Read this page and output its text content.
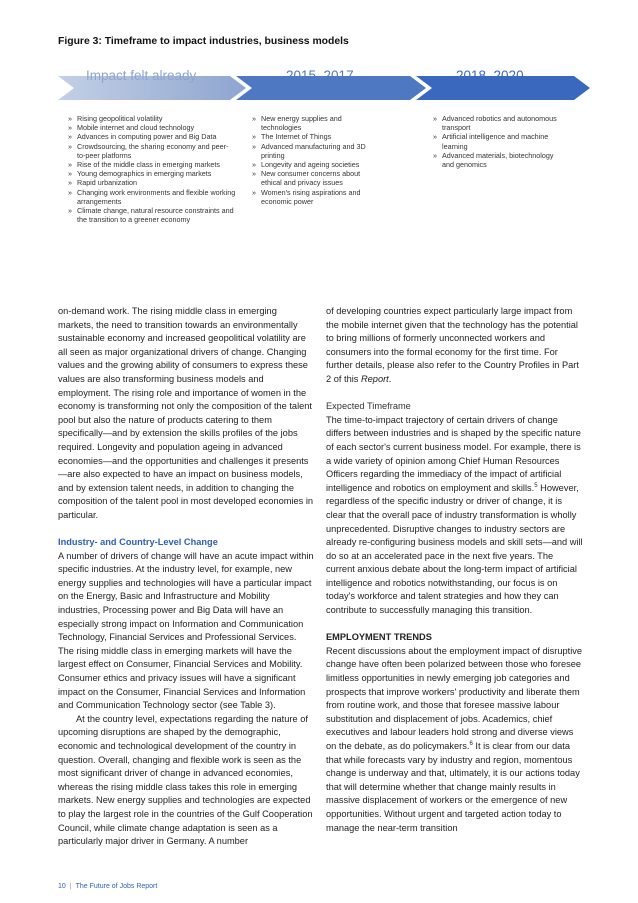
Figure 3: Timeframe to impact industries, business models

Impact felt already	2015–2017	2018–2020
» Rising geopolitical volatility
» Mobile internet and cloud technology
» Advances in computing power and Big Data
» Crowdsourcing, the sharing economy and peer-to-peer platforms
» Rise of the middle class in emerging markets
» Young demographics in emerging markets
» Rapid urbanization
» Changing work environments and flexible working arrangements
» Climate change, natural resource constraints and the transition to a greener economy
» New energy supplies and technologies
» The Internet of Things
» Advanced manufacturing and 3D printing
» Longevity and ageing societies
» New consumer concerns about ethical and privacy issues
» Women's rising aspirations and economic power
» Advanced robotics and autonomous transport
» Artificial intelligence and machine learning
» Advanced materials, biotechnology and genomics

on-demand work. The rising middle class in emerging markets, the need to transition towards an environmentally sustainable economy and increased geopolitical volatility are all seen as major organizational drivers of change. Changing values and the growing ability of consumers to express these values are also transforming business models and employment. The rising role and importance of women in the economy is transforming not only the composition of the talent pool but also the nature of products catering to them specifically—and by extension the skills profiles of the jobs required. Longevity and population ageing in advanced economies—and the opportunities and challenges it presents—are also expected to have an impact on business models, and by extension talent needs, in addition to changing the composition of the talent pool in most developed economies in particular.

Industry- and Country-Level Change

A number of drivers of change will have an acute impact within specific industries. At the industry level, for example, new energy supplies and technologies will have a particular impact on the Energy, Basic and Infrastructure and Mobility industries, Processing power and Big Data will have an especially strong impact on Information and Communication Technology, Financial Services and Professional Services. The rising middle class in emerging markets will have the largest effect on Consumer, Financial Services and Mobility. Consumer ethics and privacy issues will have a significant impact on the Consumer, Financial Services and Information and Communication Technology sector (see Table 3).

At the country level, expectations regarding the nature of upcoming disruptions are shaped by the demographic, economic and technological development of the country in question. Overall, changing and flexible work is seen as the most significant driver of change in advanced economies, whereas the rising middle class takes this role in emerging markets. New energy supplies and technologies are expected to play the largest role in the countries of the Gulf Cooperation Council, while climate change adaptation is seen as a particularly major driver in Germany. A number

of developing countries expect particularly large impact from the mobile internet given that the technology has the potential to bring millions of formerly unconnected workers and consumers into the formal economy for the first time. For further details, please also refer to the Country Profiles in Part 2 of this Report.

Expected Timeframe

The time-to-impact trajectory of certain drivers of change differs between industries and is shaped by the specific nature of each sector's current business model. For example, there is a wide variety of opinion among Chief Human Resources Officers regarding the immediacy of the impact of artificial intelligence and robotics on employment and skills.$^5$ However, regardless of the specific industry or driver of change, it is clear that the overall pace of industry transformation is wholly unprecedented. Disruptive changes to industry sectors are already re-configuring business models and skill sets—and will do so at an accelerated pace in the next five years. The current anxious debate about the long-term impact of artificial intelligence and robotics notwithstanding, our focus is on today's workforce and talent strategies and how they can contribute to successfully managing this transition.

EMPLOYMENT TRENDS

Recent discussions about the employment impact of disruptive change have often been polarized between those who foresee limitless opportunities in newly emerging job categories and prospects that improve workers' productivity and liberate them from routine work, and those that foresee massive labour substitution and displacement of jobs. Academics, chief executives and labour leaders hold strong and diverse views on the debate, as do policymakers.$^6$ It is clear from our data that while forecasts vary by industry and region, momentous change is underway and that, ultimately, it is our actions today that will determine whether that change mainly results in massive displacement of workers or the emergence of new opportunities. Without urgent and targeted action today to manage the near-term transition

10 | The Future of Jobs Report
